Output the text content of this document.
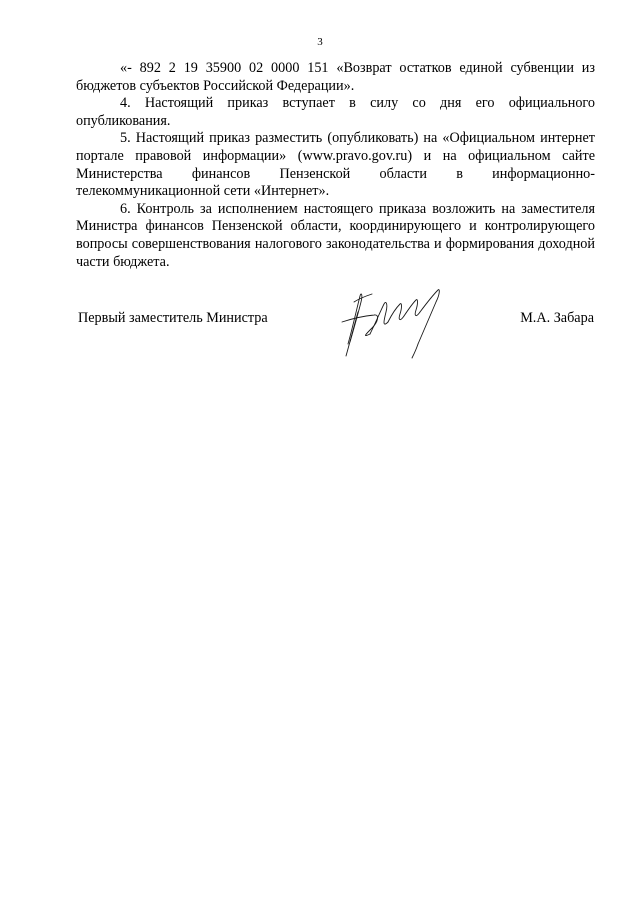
3

«- 892 2 19 35900 02 0000 151 «Возврат остатков единой субвенции из бюджетов субъектов Российской Федерации».

4. Настоящий приказ вступает в силу со дня его официального опубликования.

5. Настоящий приказ разместить (опубликовать) на «Официальном интернет портале правовой информации» (www.pravo.gov.ru) и на официальном сайте Министерства финансов Пензенской области в информационно-телекоммуникационной сети «Интернет».

6. Контроль за исполнением настоящего приказа возложить на заместителя Министра финансов Пензенской области, координирующего и контролирующего вопросы совершенствования налогового законодательства и формирования доходной части бюджета.

Первый заместитель Министра	М.А. Забара
